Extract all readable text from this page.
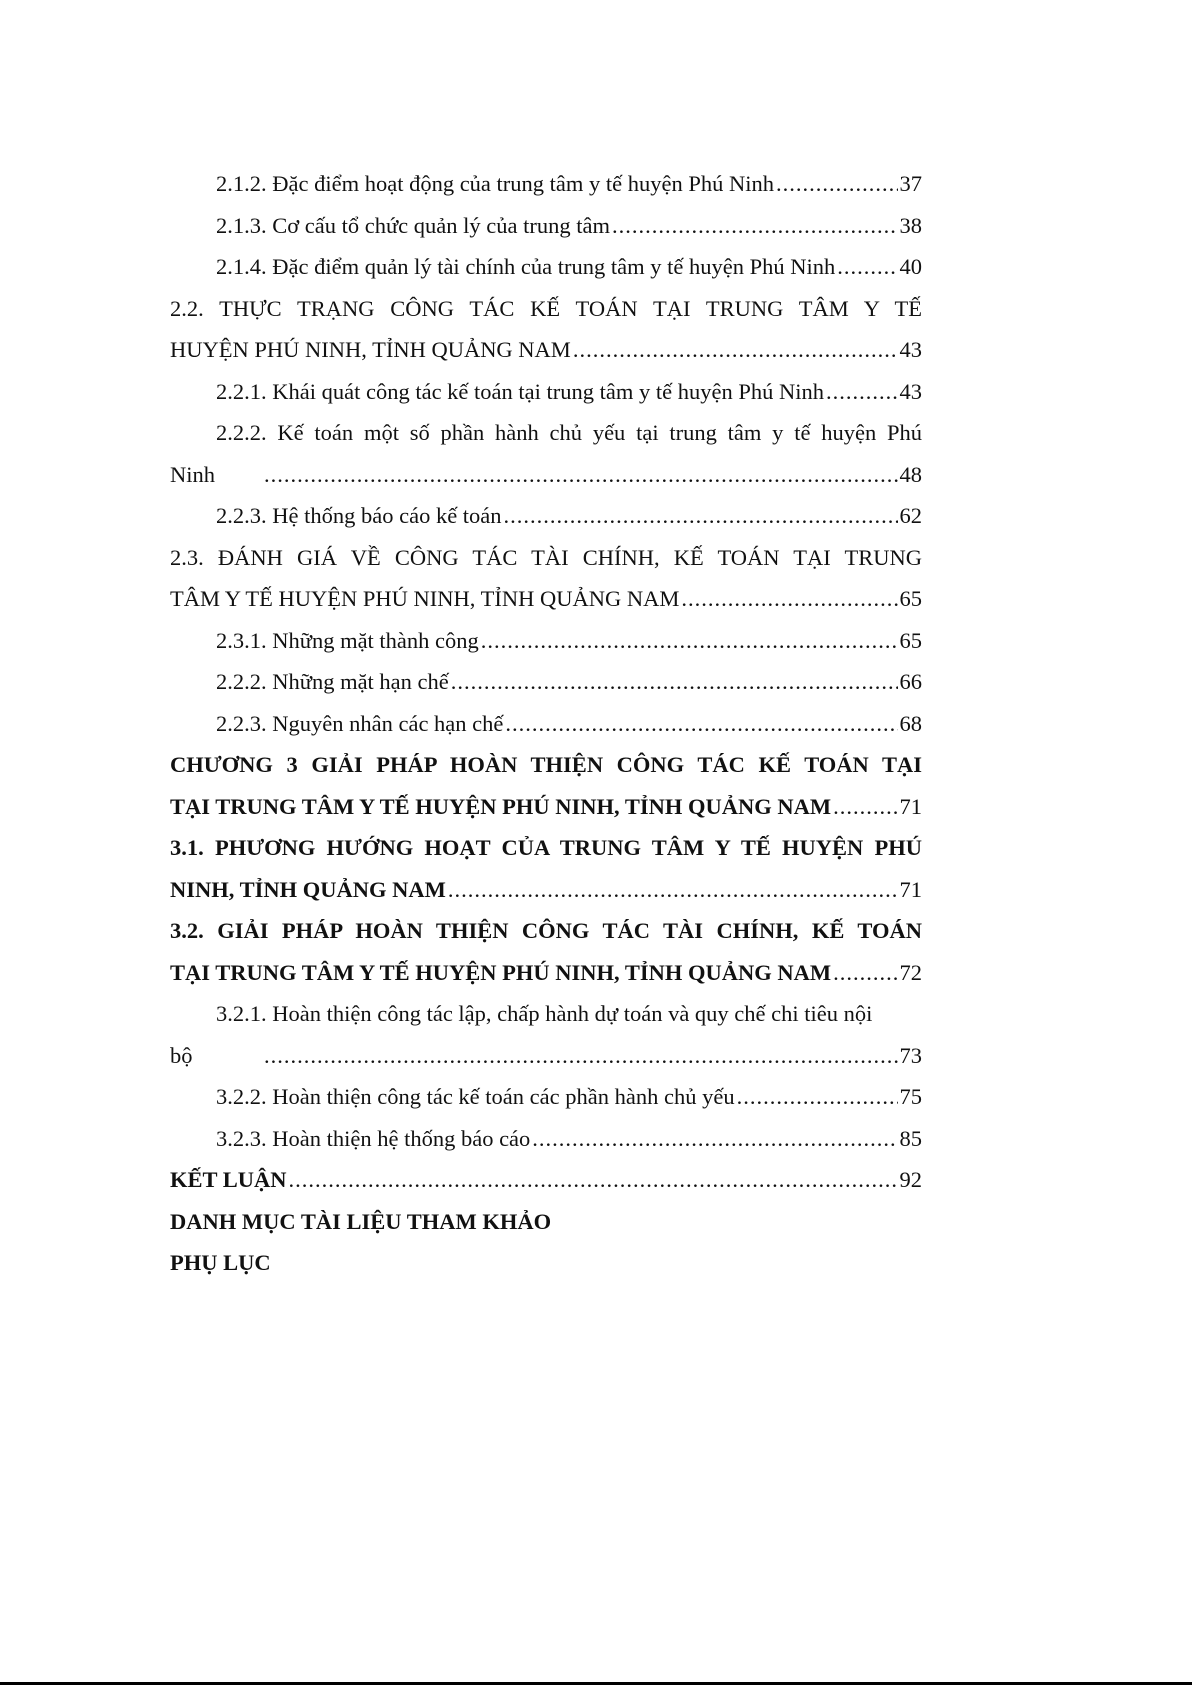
2.1.2. Đặc điểm hoạt động của trung tâm y tế huyện Phú Ninh .....	37
2.1.3. Cơ cấu tổ chức quản lý của trung tâm .....	38
2.1.4. Đặc điểm quản lý tài chính của trung tâm y tế huyện Phú Ninh .....	40
2.2. THỰC TRẠNG CÔNG TÁC KẾ TOÁN TẠI TRUNG TÂM Y TẾ
HUYỆN PHÚ NINH, TỈNH QUẢNG NAM .....	43
2.2.1. Khái quát công tác kế toán tại trung tâm y tế huyện Phú Ninh .....	43
2.2.2. Kế toán một số phần hành chủ yếu tại trung tâm y tế huyện Phú
Ninh .....	48
2.2.3. Hệ thống báo cáo kế toán .....	62
2.3. ĐÁNH GIÁ VỀ CÔNG TÁC TÀI CHÍNH, KẾ TOÁN TẠI TRUNG
TÂM Y TẾ HUYỆN PHÚ NINH, TỈNH QUẢNG NAM .....	65
2.3.1. Những mặt thành công .....	65
2.2.2. Những mặt hạn chế .....	66
2.2.3. Nguyên nhân các hạn chế .....	68
CHƯƠNG 3 GIẢI PHÁP HOÀN THIỆN CÔNG TÁC KẾ TOÁN TẠI
TẠI TRUNG TÂM Y TẾ HUYỆN PHÚ NINH, TỈNH QUẢNG NAM .....	71
3.1. PHƯƠNG HƯỚNG HOẠT CỦA TRUNG TÂM Y TẾ HUYỆN PHÚ
NINH, TỈNH QUẢNG NAM .....	71
3.2. GIẢI PHÁP HOÀN THIỆN CÔNG TÁC TÀI CHÍNH, KẾ TOÁN
TẠI TRUNG TÂM Y TẾ HUYỆN PHÚ NINH, TỈNH QUẢNG NAM .....	72
3.2.1. Hoàn thiện công tác lập, chấp hành dự toán và quy chế chi tiêu nội
bộ .....	73
3.2.2. Hoàn thiện công tác kế toán các phần hành chủ yếu .....	75
3.2.3. Hoàn thiện hệ thống báo cáo .....	85
KẾT LUẬN .....	92
DANH MỤC TÀI LIỆU THAM KHẢO
PHỤ LỤC
